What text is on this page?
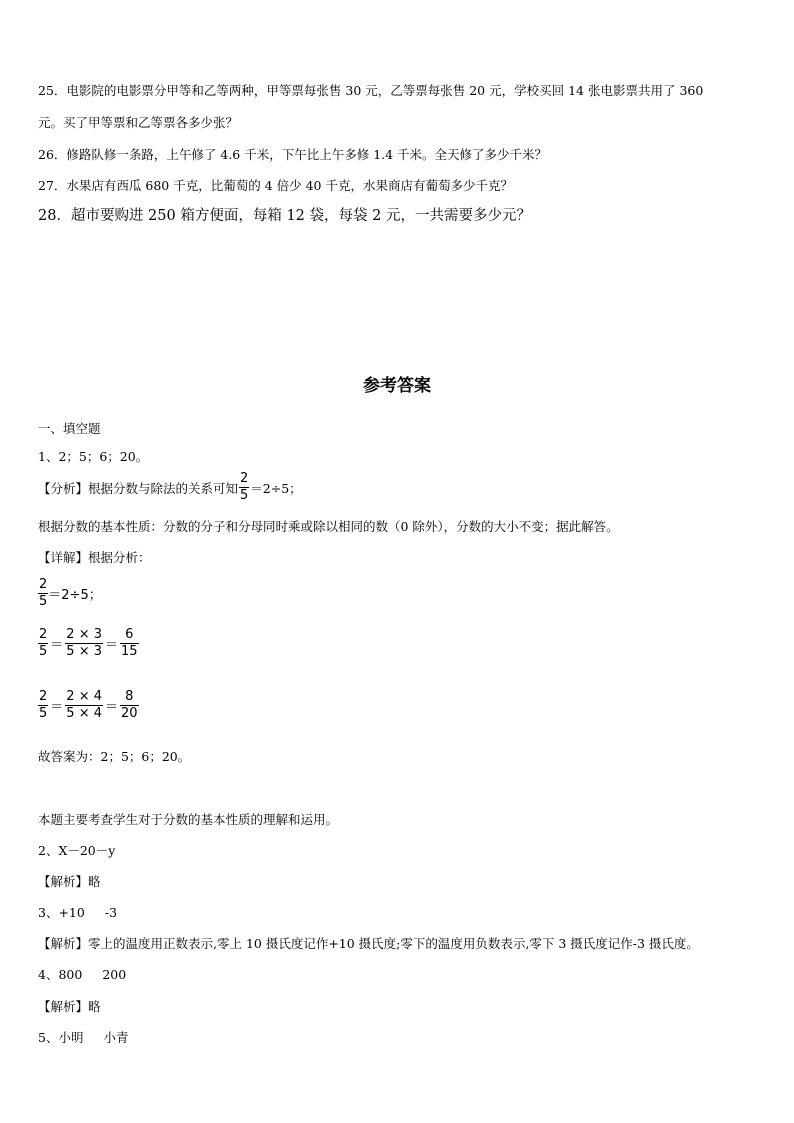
25．电影院的电影票分甲等和乙等两种，甲等票每张售 30 元，乙等票每张售 20 元，学校买回 14 张电影票共用了 360
元。买了甲等票和乙等票各多少张？
26．修路队修一条路，上午修了 4.6 千米，下午比上午多修 1.4 千米。全天修了多少千米？
27．水果店有西瓜 680 千克，比葡萄的 4 倍少 40 千克，水果商店有葡萄多少千克？
28．超市要购进 250 箱方便面，每箱 12 袋，每袋 2 元，一共需要多少元？
参考答案
一、填空题
1、2；5；6；20。
【分析】根据分数与除法的关系可知 $\frac{2}{5} =2\div 5$；
根据分数的基本性质：分数的分子和分母同时乘或除以相同的数（0 除外），分数的大小不变；据此解答。
【详解】根据分析：
$\frac{2}{5} =2\div 5$；
$\frac{2}{5} = \frac{2 \times 3}{5 \times 3} = \frac{6}{15}$
$\frac{2}{5} = \frac{2 \times 4}{5 \times 4} = \frac{8}{20}$
故答案为：2；5；6；20。
本题主要考查学生对于分数的基本性质的理解和运用。
2、X－20－y
【解析】略
3、+10 -3
【解析】零上的温度用正数表示,零上 10 摄氏度记作+10 摄氏度;零下的温度用负数表示,零下 3 摄氏度记作-3 摄氏度。
4、800 200
【解析】略
5、小明 小青
